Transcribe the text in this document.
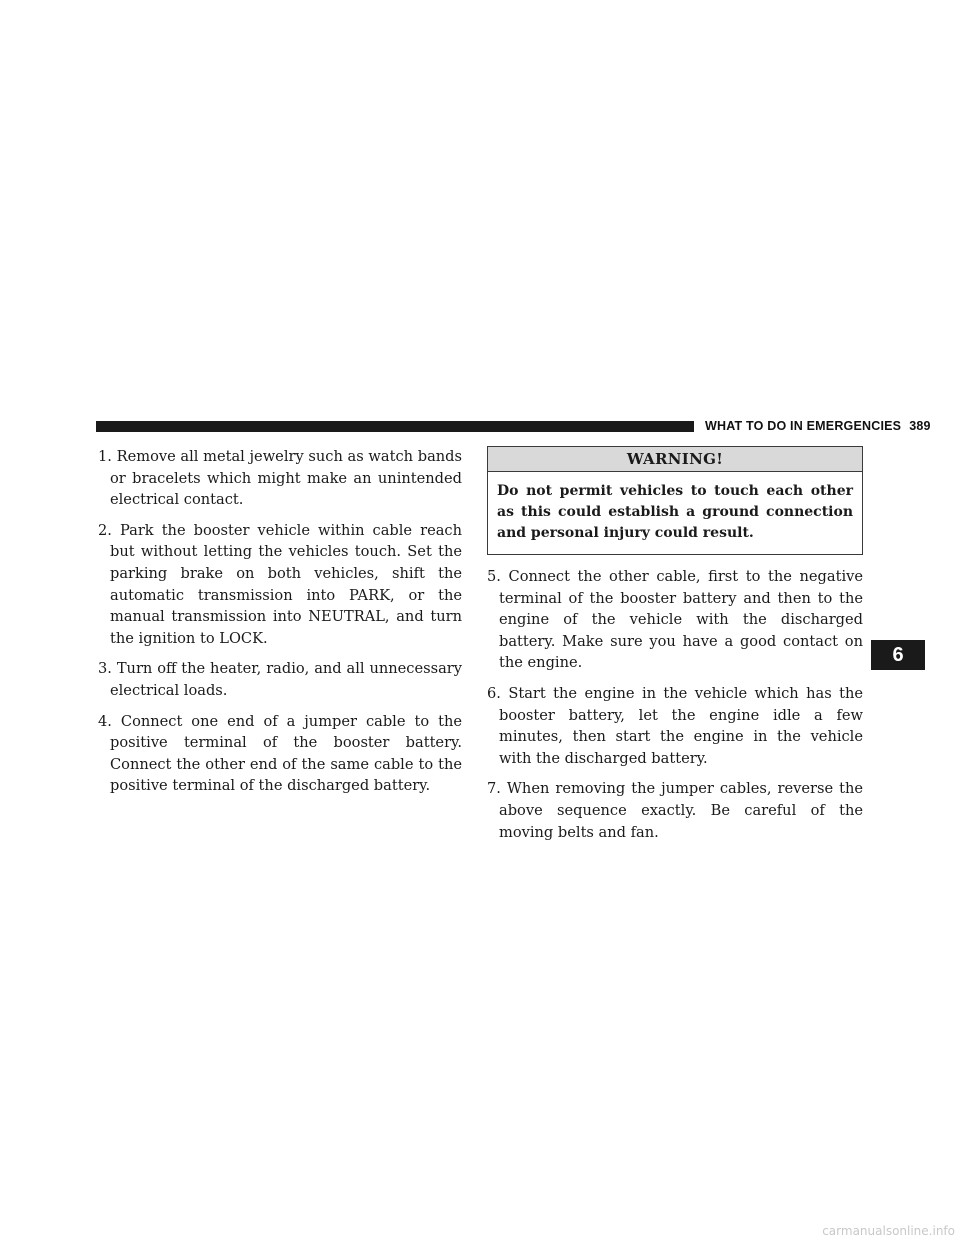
WHAT TO DO IN EMERGENCIES 389

1. Remove all metal jewelry such as watch bands or bracelets which might make an unintended electrical contact.

2. Park the booster vehicle within cable reach but without letting the vehicles touch. Set the parking brake on both vehicles, shift the automatic transmission into PARK, or the manual transmission into NEUTRAL, and turn the ignition to LOCK.

3. Turn off the heater, radio, and all unnecessary electrical loads.

4. Connect one end of a jumper cable to the positive terminal of the booster battery. Connect the other end of the same cable to the positive terminal of the discharged battery.

WARNING!
Do not permit vehicles to touch each other as this could establish a ground connection and personal injury could result.

5. Connect the other cable, first to the negative terminal of the booster battery and then to the engine of the vehicle with the discharged battery. Make sure you have a good contact on the engine.

6. Start the engine in the vehicle which has the booster battery, let the engine idle a few minutes, then start the engine in the vehicle with the discharged battery.

7. When removing the jumper cables, reverse the above sequence exactly. Be careful of the moving belts and fan.

6
carmanualsonline.info
